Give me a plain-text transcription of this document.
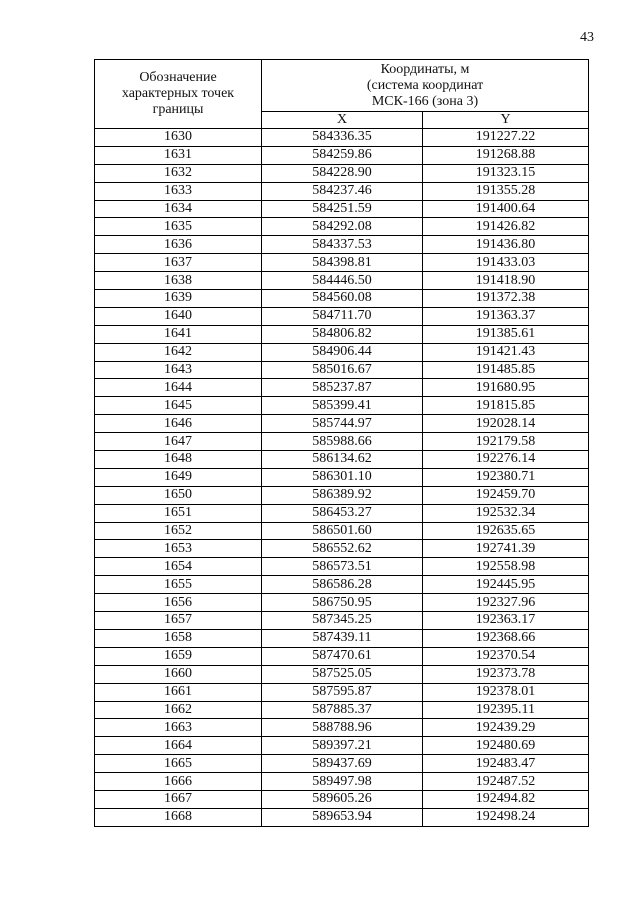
43
Обозначение характерных точек границы	Координаты, м
(система координат
МСК-166 (зона 3)	
	X	Y
1630	584336.35	191227.22
1631	584259.86	191268.88
1632	584228.90	191323.15
1633	584237.46	191355.28
1634	584251.59	191400.64
1635	584292.08	191426.82
1636	584337.53	191436.80
1637	584398.81	191433.03
1638	584446.50	191418.90
1639	584560.08	191372.38
1640	584711.70	191363.37
1641	584806.82	191385.61
1642	584906.44	191421.43
1643	585016.67	191485.85
1644	585237.87	191680.95
1645	585399.41	191815.85
1646	585744.97	192028.14
1647	585988.66	192179.58
1648	586134.62	192276.14
1649	586301.10	192380.71
1650	586389.92	192459.70
1651	586453.27	192532.34
1652	586501.60	192635.65
1653	586552.62	192741.39
1654	586573.51	192558.98
1655	586586.28	192445.95
1656	586750.95	192327.96
1657	587345.25	192363.17
1658	587439.11	192368.66
1659	587470.61	192370.54
1660	587525.05	192373.78
1661	587595.87	192378.01
1662	587885.37	192395.11
1663	588788.96	192439.29
1664	589397.21	192480.69
1665	589437.69	192483.47
1666	589497.98	192487.52
1667	589605.26	192494.82
1668	589653.94	192498.24
